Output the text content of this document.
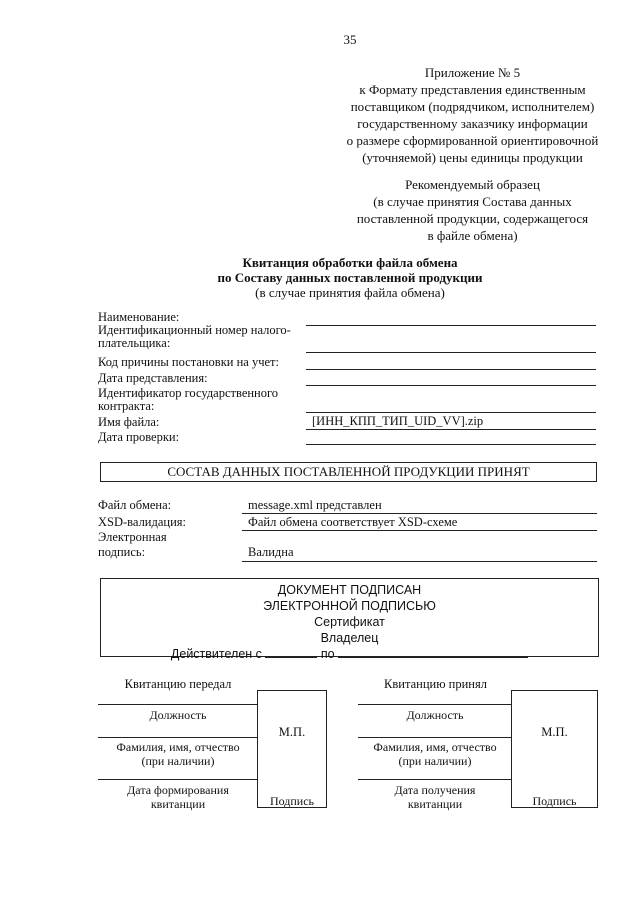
35
Приложение № 5
к Формату представления единственным
поставщиком (подрядчиком, исполнителем)
государственному заказчику информации
о размере сформированной ориентировочной
(уточняемой) цены единицы продукции
Рекомендуемый образец
(в случае принятия Состава данных
поставленной продукции, содержащегося
в файле обмена)
Квитанция обработки файла обмена
по Составу данных поставленной продукции
(в случае принятия файла обмена)
Наименование:
Идентификационный номер налого-
плательщика:
Код причины постановки на учет:
Дата представления:
Идентификатор государственного
контракта:
Имя файла:	[ИНН_КПП_ТИП_UID_VV].zip
Дата проверки:
СОСТАВ ДАННЫХ ПОСТАВЛЕННОЙ ПРОДУКЦИИ ПРИНЯТ
Файл обмена:	message.xml представлен
XSD-валидация:	Файл обмена соответствует XSD-схеме
Электронная
подпись:	Валидна
ДОКУМЕНТ ПОДПИСАН
ЭЛЕКТРОННОЙ ПОДПИСЬЮ
Сертификат
Владелец
Действителен с	по
Квитанцию передал
Должность
Фамилия, имя, отчество
(при наличии)
Дата формирования
квитанции
М.П.
Подпись
Квитанцию принял
Должность
Фамилия, имя, отчество
(при наличии)
Дата получения
квитанции
М.П.
Подпись
